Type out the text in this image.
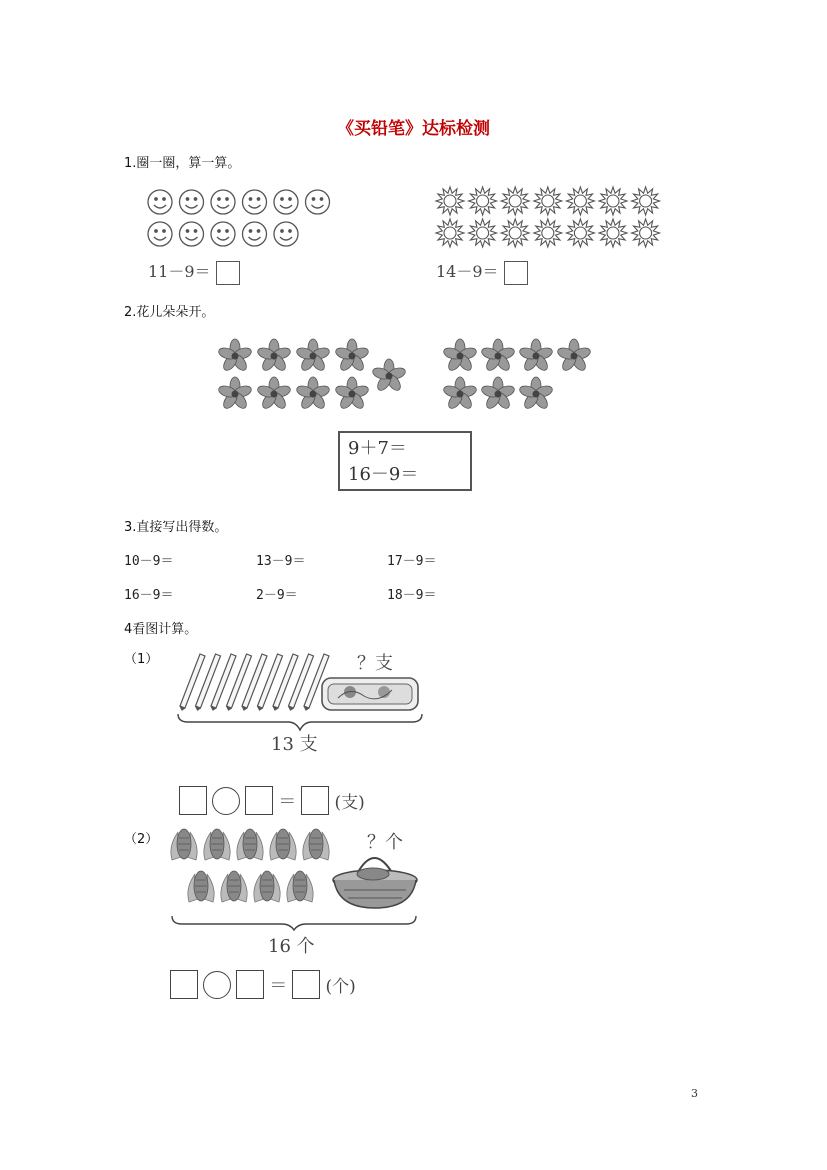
《买铅笔》达标检测
1.圈一圈，算一算。
11－9＝	14－9＝
2.花儿朵朵开。
9＋7＝
16－9＝
3.直接写出得数。
10－9＝	13－9＝	17－9＝
16－9＝	2－9＝	18－9＝
4看图计算。
（1）	？支
13 支
＝ (支)
（2）	？个
16 个
＝ (个)
3
